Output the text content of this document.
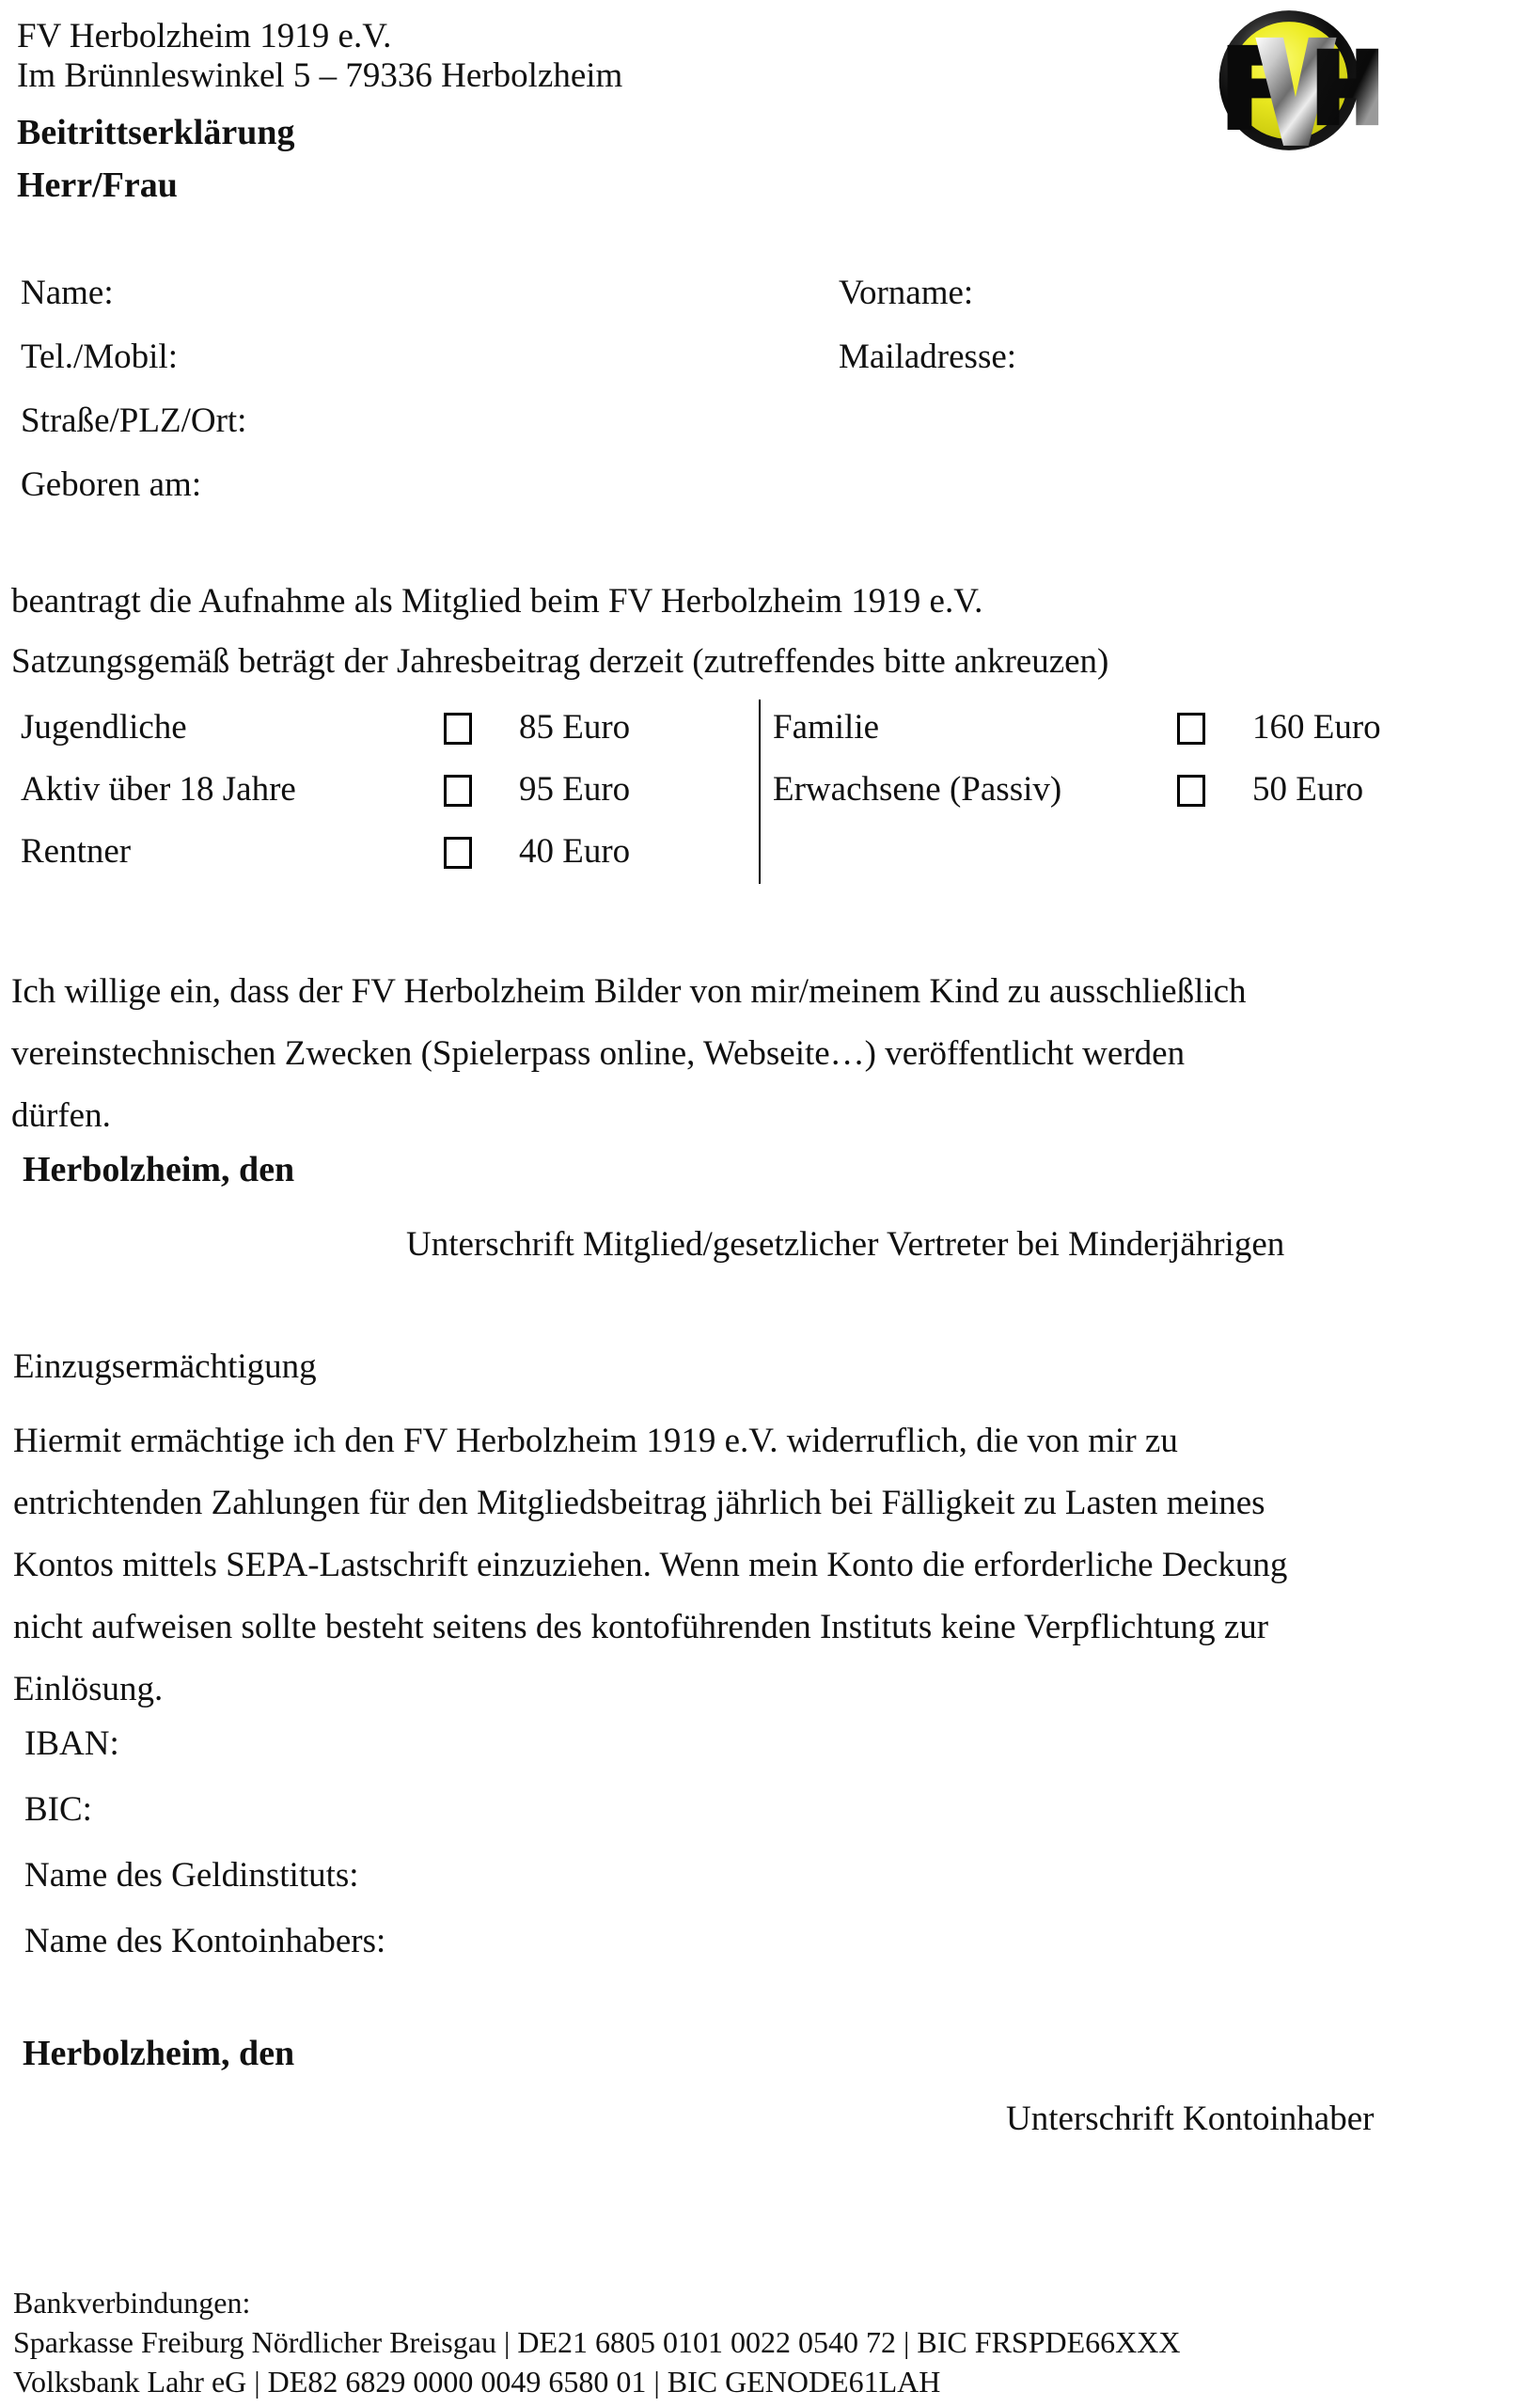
FV Herbolzheim 1919 e.V.
Im Brünnleswinkel 5 – 79336 Herbolzheim
Beitrittserklärung
Herr/Frau
Name:	Vorname:
Tel./Mobil:	Mailadresse:
Straße/PLZ/Ort:
Geboren am:
beantragt die Aufnahme als Mitglied beim FV Herbolzheim 1919 e.V.
Satzungsgemäß beträgt der Jahresbeitrag derzeit (zutreffendes bitte ankreuzen)
Jugendliche	85 Euro
Aktiv über 18 Jahre	95 Euro
Rentner	40 Euro
Familie	160 Euro
Erwachsene (Passiv)	50 Euro
Ich willige ein, dass der FV Herbolzheim Bilder von mir/meinem Kind zu ausschließlich
vereinstechnischen Zwecken (Spielerpass online, Webseite…) veröffentlicht werden
dürfen.
Herbolzheim, den
Unterschrift Mitglied/gesetzlicher Vertreter bei Minderjährigen
Einzugsermächtigung
Hiermit ermächtige ich den FV Herbolzheim 1919 e.V. widerruflich, die von mir zu
entrichtenden Zahlungen für den Mitgliedsbeitrag jährlich bei Fälligkeit zu Lasten meines
Kontos mittels SEPA-Lastschrift einzuziehen. Wenn mein Konto die erforderliche Deckung
nicht aufweisen sollte besteht seitens des kontoführenden Instituts keine Verpflichtung zur
Einlösung.
IBAN:
BIC:
Name des Geldinstituts:
Name des Kontoinhabers:
Herbolzheim, den
Unterschrift Kontoinhaber
Bankverbindungen:
Sparkasse Freiburg Nördlicher Breisgau | DE21 6805 0101 0022 0540 72 | BIC FRSPDE66XXX
Volksbank Lahr eG | DE82 6829 0000 0049 6580 01 | BIC GENODE61LAH
